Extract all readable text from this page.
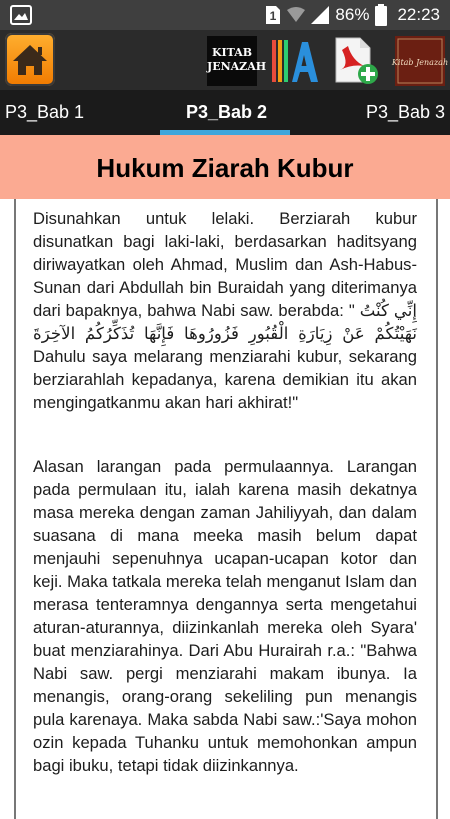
1	86% 22:23
KITAB JENAZAH	Kitab Jenazah
P3_Bab 1	P3_Bab 2	P3_Bab 3
Hukum Ziarah Kubur
Disunahkan untuk lelaki. Berziarah kubur disunatkan bagi laki-laki, berdasarkan haditsyang diriwayatkan oleh Ahmad, Muslim dan Ash-Habus-Sunan dari Abdullah bin Buraidah yang diterimanya dari bapaknya, bahwa Nabi saw. berabda: " إِنِّي كُنْتُ نَهَيْتُكُمْ عَنْ زِيَارَةِ الْقُبُورِ فَزُورُوهَا فَإِنَّهَا تُذَكِّرُكُمُ الآخِرَةَ Dahulu saya melarang menziarahi kubur, sekarang berziarahlah kepadanya, karena demikian itu akan mengingatkanmu akan hari akhirat!"
Alasan larangan pada permulaannya. Larangan pada permulaan itu, ialah karena masih dekatnya masa mereka dengan zaman Jahiliyyah, dan dalam suasana di mana meeka masih belum dapat menjauhi sepenuhnya ucapan-ucapan kotor dan keji. Maka tatkala mereka telah menganut Islam dan merasa tenteramnya dengannya serta mengetahui aturan-aturannya, diizinkanlah mereka oleh Syara' buat menziarahinya. Dari Abu Hurairah r.a.: "Bahwa Nabi saw. pergi menziarahi makam ibunya. Ia menangis, orang-orang sekeliling pun menangis pula karenaya. Maka sabda Nabi saw.:'Saya mohon ozin kepada Tuhanku untuk memohonkan ampun bagi ibuku, tetapi tidak diizinkannya.
